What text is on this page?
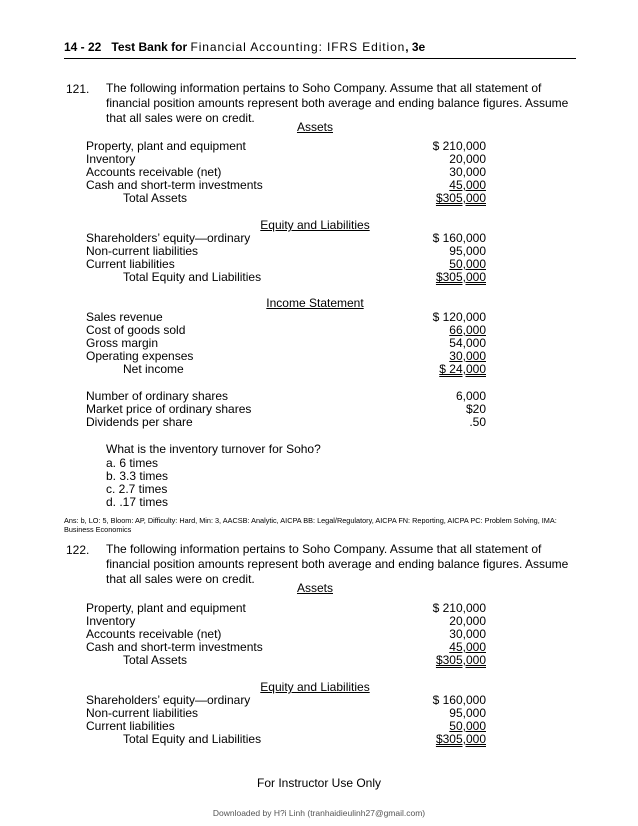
14 - 22 Test Bank for Financial Accounting: IFRS Edition, 3e
121. The following information pertains to Soho Company. Assume that all statement of financial position amounts represent both average and ending balance figures. Assume that all sales were on credit.
Assets
Property, plant and equipment	$ 210,000
Inventory	20,000
Accounts receivable (net)	30,000
Cash and short-term investments	45,000
Total Assets	$305,000
Equity and Liabilities
Shareholders’ equity—ordinary	$ 160,000
Non-current liabilities	95,000
Current liabilities	50,000
Total Equity and Liabilities	$305,000
Income Statement
Sales revenue	$ 120,000
Cost of goods sold	66,000
Gross margin	54,000
Operating expenses	30,000
Net income	$ 24,000
Number of ordinary shares	6,000
Market price of ordinary shares	$20
Dividends per share	.50
What is the inventory turnover for Soho?
a. 6 times
b. 3.3 times
c. 2.7 times
d. .17 times
Ans: b, LO: 5, Bloom: AP, Difficulty: Hard, Min: 3, AACSB: Analytic, AICPA BB: Legal/Regulatory, AICPA FN: Reporting, AICPA PC: Problem Solving, IMA: Business Economics
122. The following information pertains to Soho Company. Assume that all statement of financial position amounts represent both average and ending balance figures. Assume that all sales were on credit.
Assets
Property, plant and equipment	$ 210,000
Inventory	20,000
Accounts receivable (net)	30,000
Cash and short-term investments	45,000
Total Assets	$305,000
Equity and Liabilities
Shareholders’ equity—ordinary	$ 160,000
Non-current liabilities	95,000
Current liabilities	50,000
Total Equity and Liabilities	$305,000
For Instructor Use Only
Downloaded by H?i Linh (tranhaidieulinh27@gmail.com)
